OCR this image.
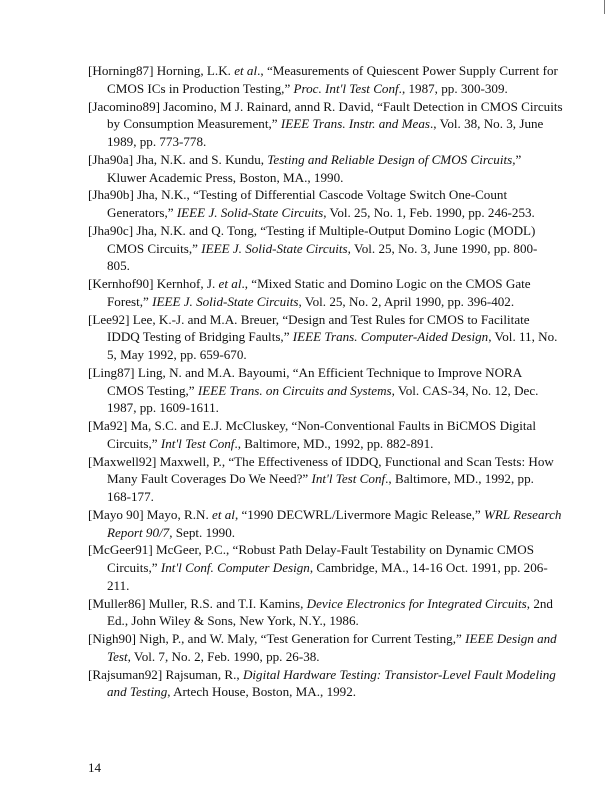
[Horning87] Horning, L.K. et al., “Measurements of Quiescent Power Supply Current for
CMOS ICs in Production Testing,” Proc. Int'l Test Conf., 1987, pp. 300-309.
[Jacomino89] Jacomino, M J. Rainard, annd R. David, “Fault Detection in CMOS Circuits
by Consumption Measurement,” IEEE Trans. Instr. and Meas., Vol. 38, No. 3, June
1989, pp. 773-778.
[Jha90a] Jha, N.K. and S. Kundu, Testing and Reliable Design of CMOS Circuits,”
Kluwer Academic Press, Boston, MA., 1990.
[Jha90b] Jha, N.K., “Testing of Differential Cascode Voltage Switch One-Count
Generators,” IEEE J. Solid-State Circuits, Vol. 25, No. 1, Feb. 1990, pp. 246-253.
[Jha90c] Jha, N.K. and Q. Tong, “Testing if Multiple-Output Domino Logic (MODL)
CMOS Circuits,” IEEE J. Solid-State Circuits, Vol. 25, No. 3, June 1990, pp. 800-
805.
[Kernhof90] Kernhof, J. et al., “Mixed Static and Domino Logic on the CMOS Gate
Forest,” IEEE J. Solid-State Circuits, Vol. 25, No. 2, April 1990, pp. 396-402.
[Lee92] Lee, K.-J. and M.A. Breuer, “Design and Test Rules for CMOS to Facilitate
IDDQ Testing of Bridging Faults,” IEEE Trans. Computer-Aided Design, Vol. 11, No.
5, May 1992, pp. 659-670.
[Ling87] Ling, N. and M.A. Bayoumi, “An Efficient Technique to Improve NORA
CMOS Testing,” IEEE Trans. on Circuits and Systems, Vol. CAS-34, No. 12, Dec.
1987, pp. 1609-1611.
[Ma92] Ma, S.C. and E.J. McCluskey, “Non-Conventional Faults in BiCMOS Digital
Circuits,” Int'l Test Conf., Baltimore, MD., 1992, pp. 882-891.
[Maxwell92] Maxwell, P., “The Effectiveness of IDDQ, Functional and Scan Tests: How
Many Fault Coverages Do We Need?” Int'l Test Conf., Baltimore, MD., 1992, pp.
168-177.
[Mayo 90] Mayo, R.N. et al, “1990 DECWRL/Livermore Magic Release,” WRL Research
Report 90/7, Sept. 1990.
[McGeer91] McGeer, P.C., “Robust Path Delay-Fault Testability on Dynamic CMOS
Circuits,” Int'l Conf. Computer Design, Cambridge, MA., 14-16 Oct. 1991, pp. 206-
211.
[Muller86] Muller, R.S. and T.I. Kamins, Device Electronics for Integrated Circuits, 2nd
Ed., John Wiley & Sons, New York, N.Y., 1986.
[Nigh90] Nigh, P., and W. Maly, “Test Generation for Current Testing,” IEEE Design and
Test, Vol. 7, No. 2, Feb. 1990, pp. 26-38.
[Rajsuman92] Rajsuman, R., Digital Hardware Testing: Transistor-Level Fault Modeling
and Testing, Artech House, Boston, MA., 1992.
14
